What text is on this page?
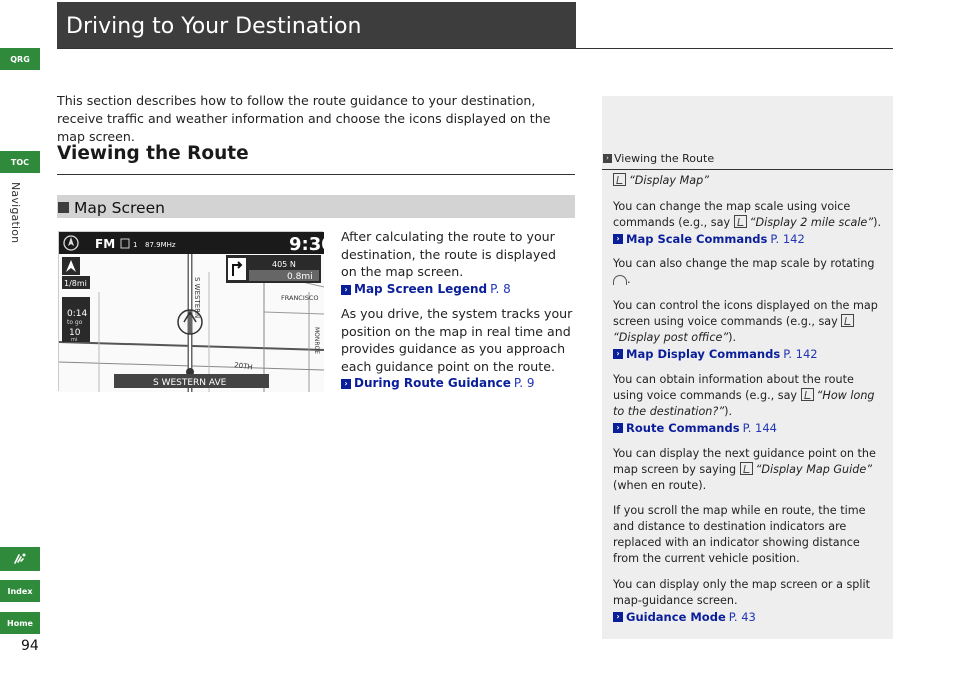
QRG
TOC
Navigation
Index
Home
94
Driving to Your Destination
This section describes how to follow the route guidance to your destination, receive traffic and weather information and choose the icons displayed on the map screen.
Viewing the Route
Map Screen
FM	1 87.9MHz	9:30
405 N
0.8mi
1/8mi
0:14
to go
10
mi
S WESTERN	FRANCISCO
MONROE
20TH
S WESTERN AVE
After calculating the route to your destination, the route is displayed on the map screen.
› Map Screen Legend P. 8
As you drive, the system tracks your position on the map in real time and provides guidance as you approach each guidance point on the route.
› During Route Guidance P. 9
› Viewing the Route
“Display Map”
You can change the map scale using voice commands (e.g., say “Display 2 mile scale”).
› Map Scale Commands P. 142
You can also change the map scale by rotating
.
You can control the icons displayed on the map screen using voice commands (e.g., say “Display post office”).
› Map Display Commands P. 142
You can obtain information about the route using voice commands (e.g., say “How long to the destination?”).
› Route Commands P. 144
You can display the next guidance point on the map screen by saying “Display Map Guide” (when en route).
If you scroll the map while en route, the time and distance to destination indicators are replaced with an indicator showing distance from the current vehicle position.
You can display only the map screen or a split map-guidance screen.
› Guidance Mode P. 43
